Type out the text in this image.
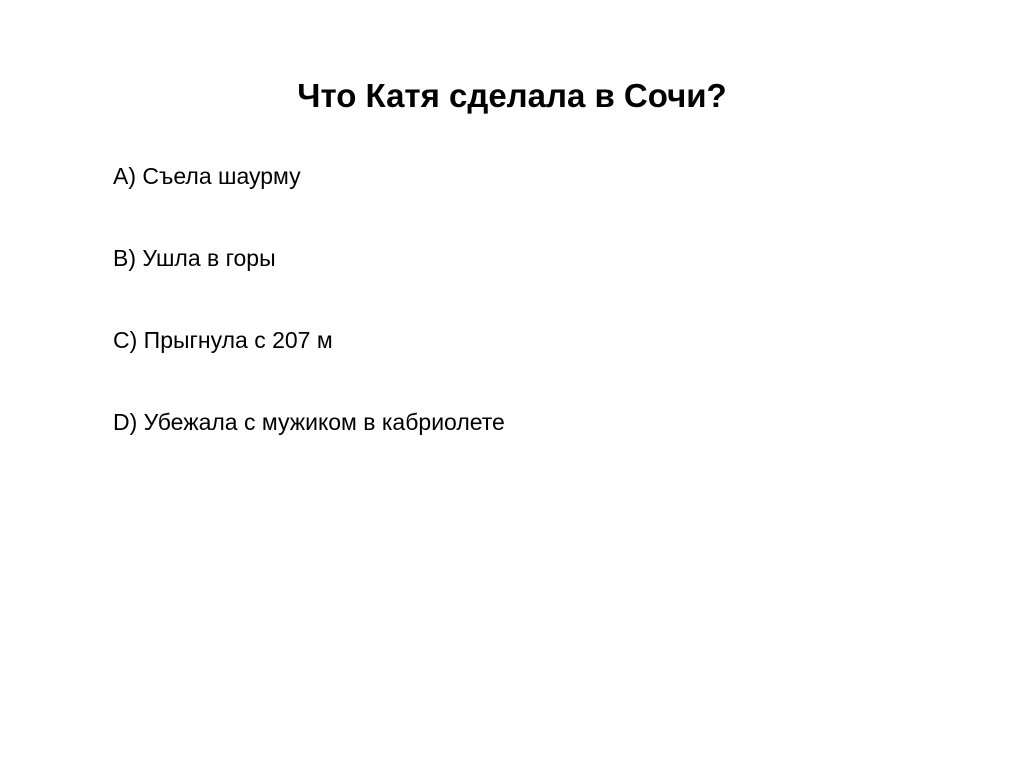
Что Катя сделала в Сочи?
A) Съела шаурму
B) Ушла в горы
C) Прыгнула с 207 м
D) Убежала с мужиком в кабриолете
